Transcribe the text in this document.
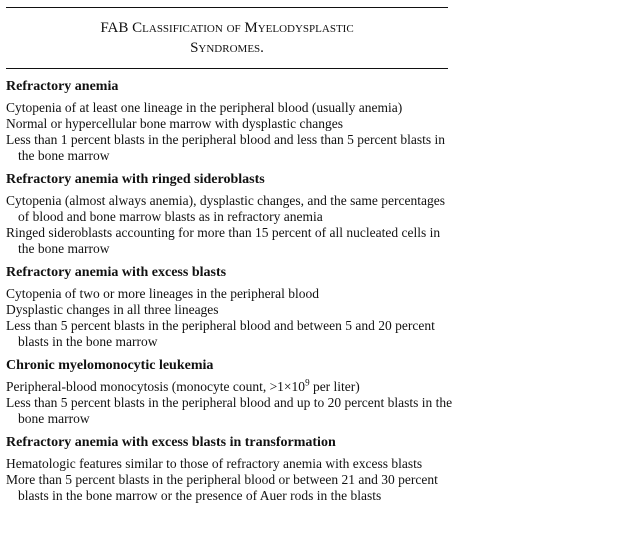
FAB Classification of Myelodysplastic
Syndromes.
Refractory anemia
Cytopenia of at least one lineage in the peripheral blood (usually anemia)
Normal or hypercellular bone marrow with dysplastic changes
Less than 1 percent blasts in the peripheral blood and less than 5 percent blasts in the bone marrow
Refractory anemia with ringed sideroblasts
Cytopenia (almost always anemia), dysplastic changes, and the same percentages of blood and bone marrow blasts as in refractory anemia
Ringed sideroblasts accounting for more than 15 percent of all nucleated cells in the bone marrow
Refractory anemia with excess blasts
Cytopenia of two or more lineages in the peripheral blood
Dysplastic changes in all three lineages
Less than 5 percent blasts in the peripheral blood and between 5 and 20 percent blasts in the bone marrow
Chronic myelomonocytic leukemia
Peripheral-blood monocytosis (monocyte count, $>1\times 10^9$ per liter)
Less than 5 percent blasts in the peripheral blood and up to 20 percent blasts in the bone marrow
Refractory anemia with excess blasts in transformation
Hematologic features similar to those of refractory anemia with excess blasts
More than 5 percent blasts in the peripheral blood or between 21 and 30 percent blasts in the bone marrow or the presence of Auer rods in the blasts
